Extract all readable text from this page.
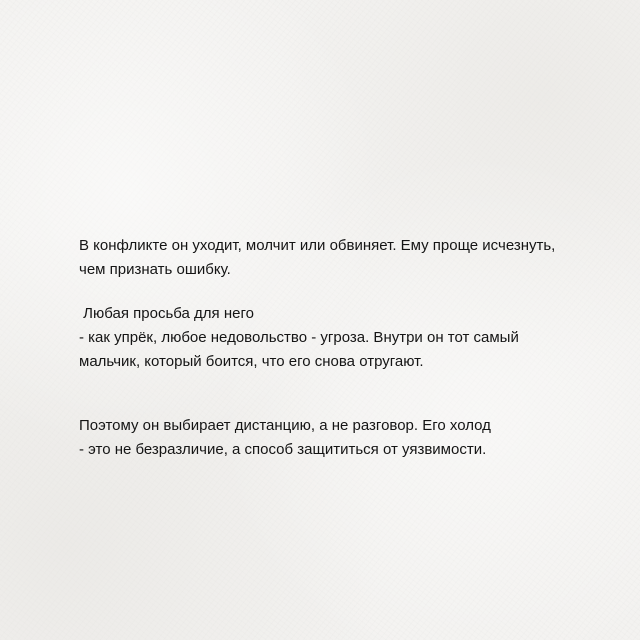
В конфликте он уходит, молчит или обвиняет. Ему проще исчезнуть,
чем признать ошибку.
Любая просьба для него
- как упрёк, любое недовольство - угроза. Внутри он тот самый
мальчик, который боится, что его снова отругают.
Поэтому он выбирает дистанцию, а не разговор. Его холод
- это не безразличие, а способ защититься от уязвимости.
